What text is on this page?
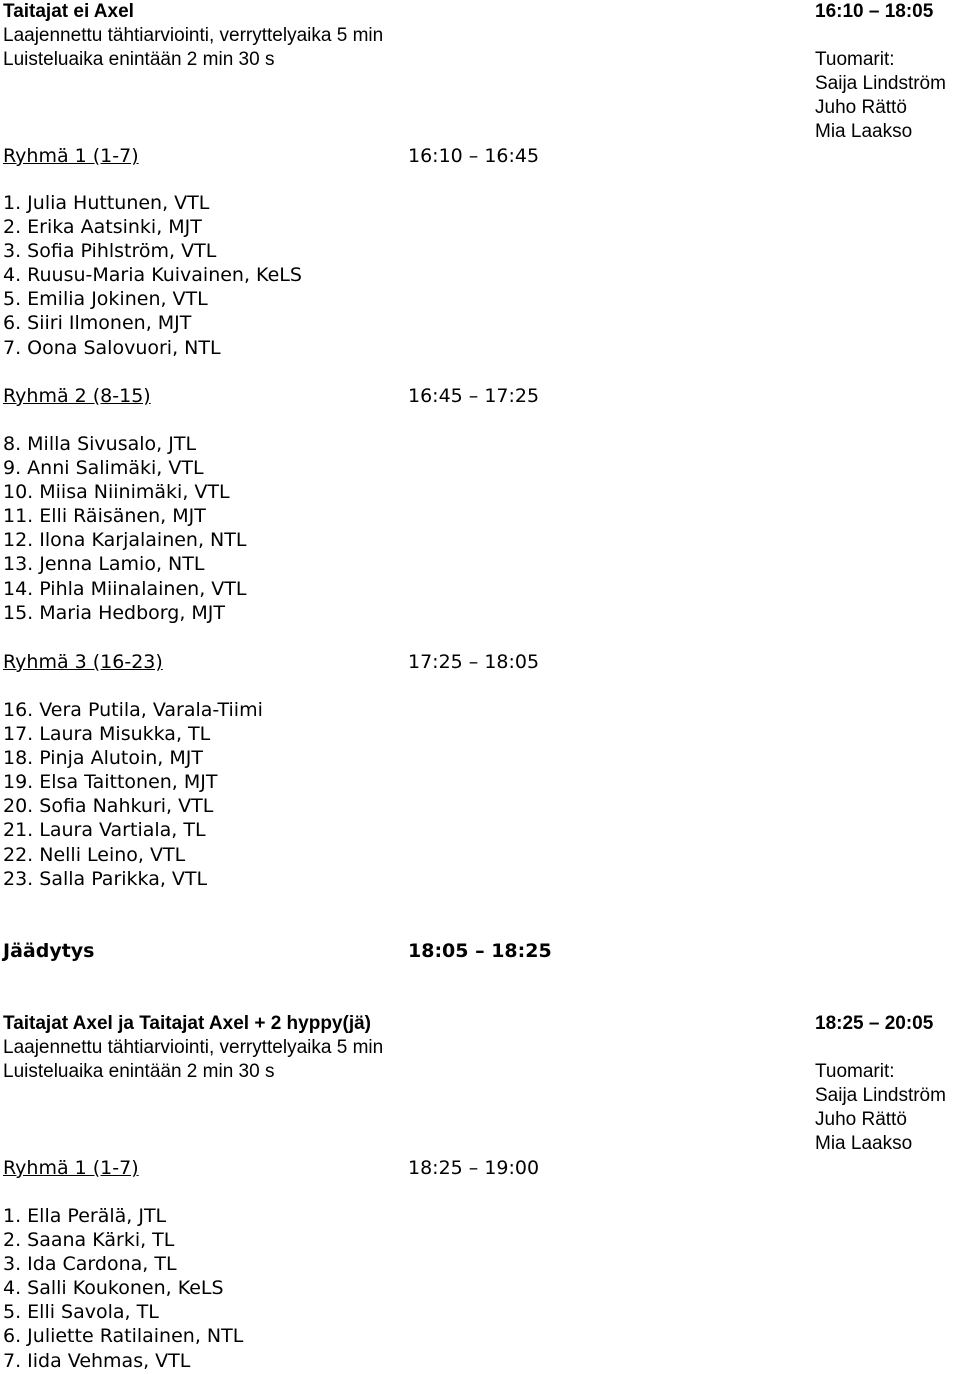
Taitajat ei Axel	16:10 – 18:05
Laajennettu tähtiarviointi, verryttelyaika 5 min
Luisteluaika enintään 2 min 30 s	Tuomarit:
Saija Lindström
Juho Rättö
Mia Laakso
Ryhmä 1 (1-7)	16:10 – 16:45
1. Julia Huttunen, VTL
2. Erika Aatsinki, MJT
3. Sofia Pihlström, VTL
4. Ruusu-Maria Kuivainen, KeLS
5. Emilia Jokinen, VTL
6. Siiri Ilmonen, MJT
7. Oona Salovuori, NTL
Ryhmä 2 (8-15)	16:45 – 17:25
8. Milla Sivusalo, JTL
9. Anni Salimäki, VTL
10. Miisa Niinimäki, VTL
11. Elli Räisänen, MJT
12. Ilona Karjalainen, NTL
13. Jenna Lamio, NTL
14. Pihla Miinalainen, VTL
15. Maria Hedborg, MJT
Ryhmä 3 (16-23)	17:25 – 18:05
16. Vera Putila, Varala-Tiimi
17. Laura Misukka, TL
18. Pinja Alutoin, MJT
19. Elsa Taittonen, MJT
20. Sofia Nahkuri, VTL
21. Laura Vartiala, TL
22. Nelli Leino, VTL
23. Salla Parikka, VTL
Jäädytys	18:05 – 18:25
Taitajat Axel ja Taitajat Axel + 2 hyppy(jä)	18:25 – 20:05
Laajennettu tähtiarviointi, verryttelyaika 5 min
Luisteluaika enintään 2 min 30 s	Tuomarit:
Saija Lindström
Juho Rättö
Mia Laakso
Ryhmä 1 (1-7)	18:25 – 19:00
1. Ella Perälä, JTL
2. Saana Kärki, TL
3. Ida Cardona, TL
4. Salli Koukonen, KeLS
5. Elli Savola, TL
6. Juliette Ratilainen, NTL
7. Iida Vehmas, VTL
